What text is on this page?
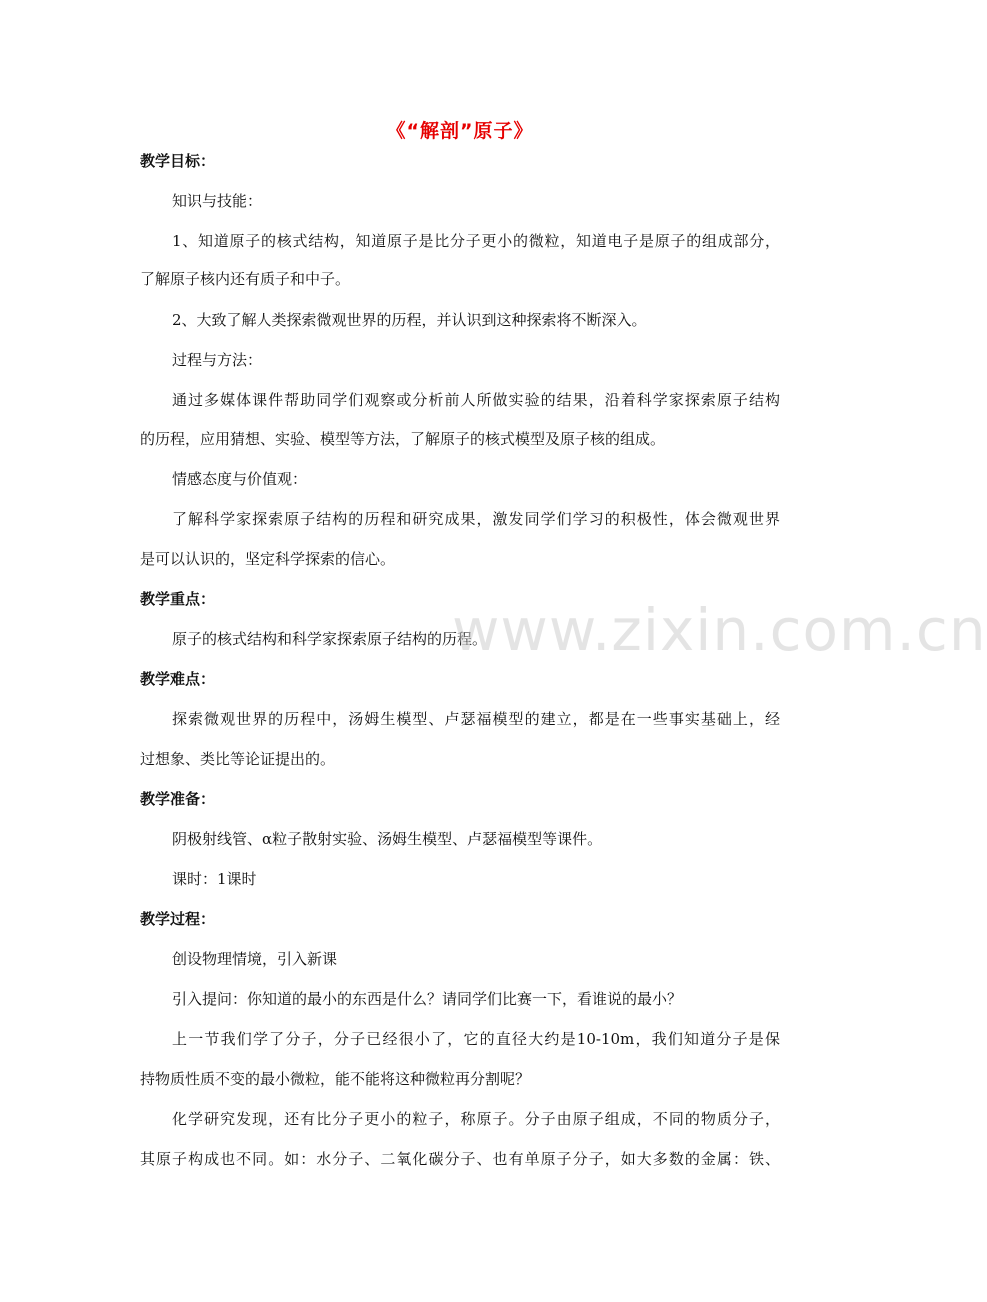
《“解剖”原子》
教学目标：
知识与技能：
1、知道原子的核式结构，知道原子是比分子更小的微粒，知道电子是原子的组成部分，
了解原子核内还有质子和中子。
2、大致了解人类探索微观世界的历程，并认识到这种探索将不断深入。
过程与方法：
通过多媒体课件帮助同学们观察或分析前人所做实验的结果，沿着科学家探索原子结构
的历程，应用猜想、实验、模型等方法，了解原子的核式模型及原子核的组成。
情感态度与价值观：
了解科学家探索原子结构的历程和研究成果，激发同学们学习的积极性，体会微观世界
是可以认识的，坚定科学探索的信心。
教学重点：
原子的核式结构和科学家探索原子结构的历程。
教学难点：
探索微观世界的历程中，汤姆生模型、卢瑟福模型的建立，都是在一些事实基础上，经
过想象、类比等论证提出的。
教学准备：
阴极射线管、α粒子散射实验、汤姆生模型、卢瑟福模型等课件。
课时：1课时
教学过程：
创设物理情境，引入新课
引入提问：你知道的最小的东西是什么？请同学们比赛一下，看谁说的最小？
上一节我们学了分子，分子已经很小了，它的直径大约是10-10m，我们知道分子是保
持物质性质不变的最小微粒，能不能将这种微粒再分割呢？
化学研究发现，还有比分子更小的粒子，称原子。分子由原子组成，不同的物质分子，
其原子构成也不同。如：水分子、二氧化碳分子、也有单原子分子，如大多数的金属：铁、
www.zixin.com.cn
